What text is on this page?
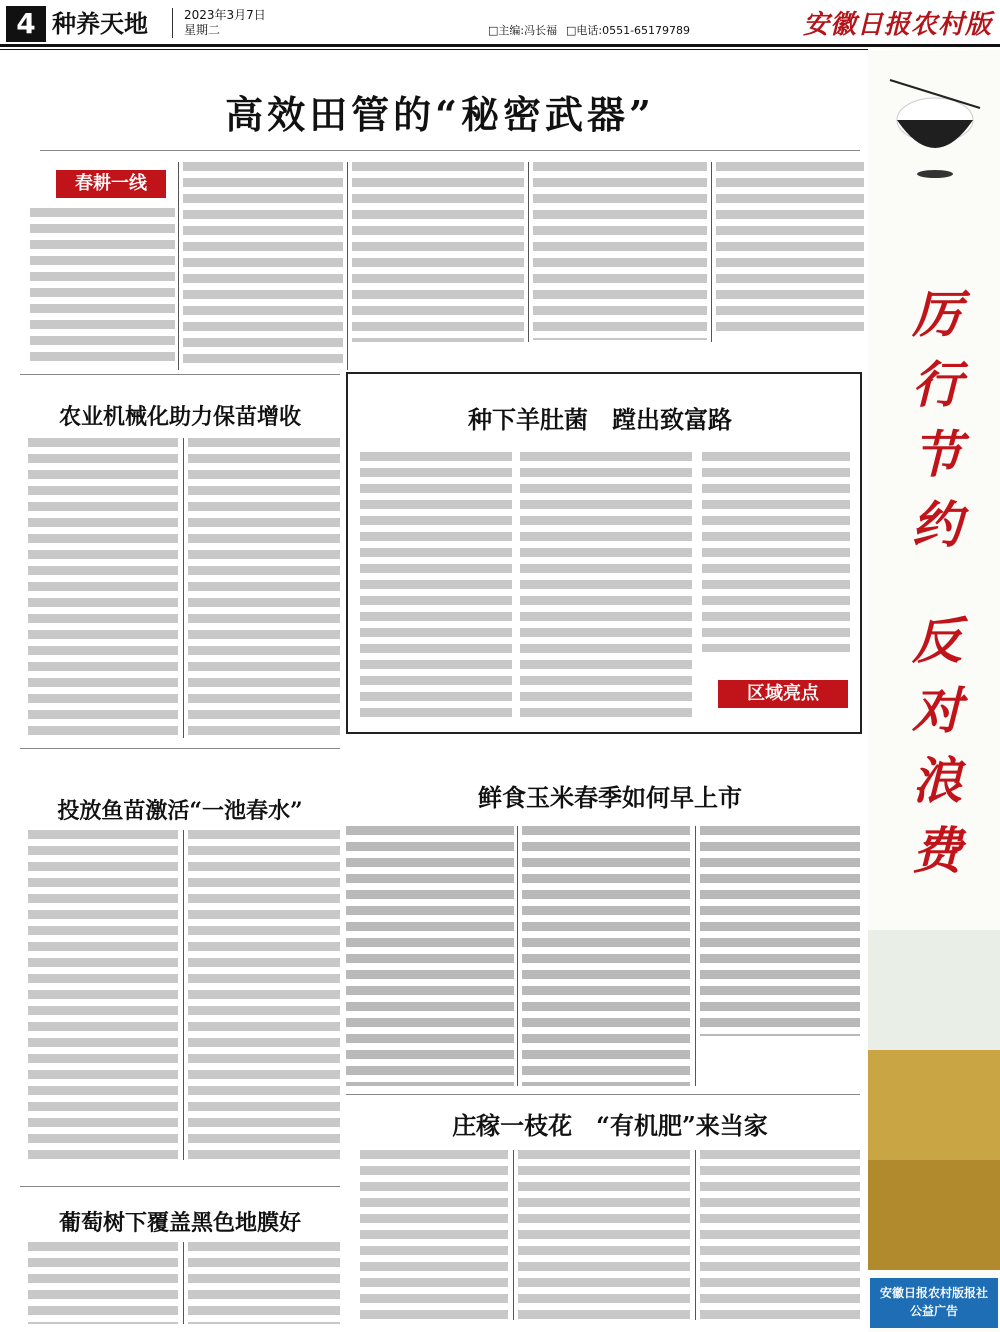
4 种养天地	2023年3月7日
星期二	□主编:冯长福 □电话:0551-65179789	安徽日报农村版
高效田管的“秘密武器”
春耕一线
农业机械化助力保苗增收	种下羊肚菌　蹚出致富路
区域亮点
投放鱼苗激活“一池春水”	鲜食玉米春季如何早上市
庄稼一枝花　“有机肥”来当家
葡萄树下覆盖黑色地膜好
厉
行
节
约
反
对
浪
费
安徽日报农村版报社
公益广告
